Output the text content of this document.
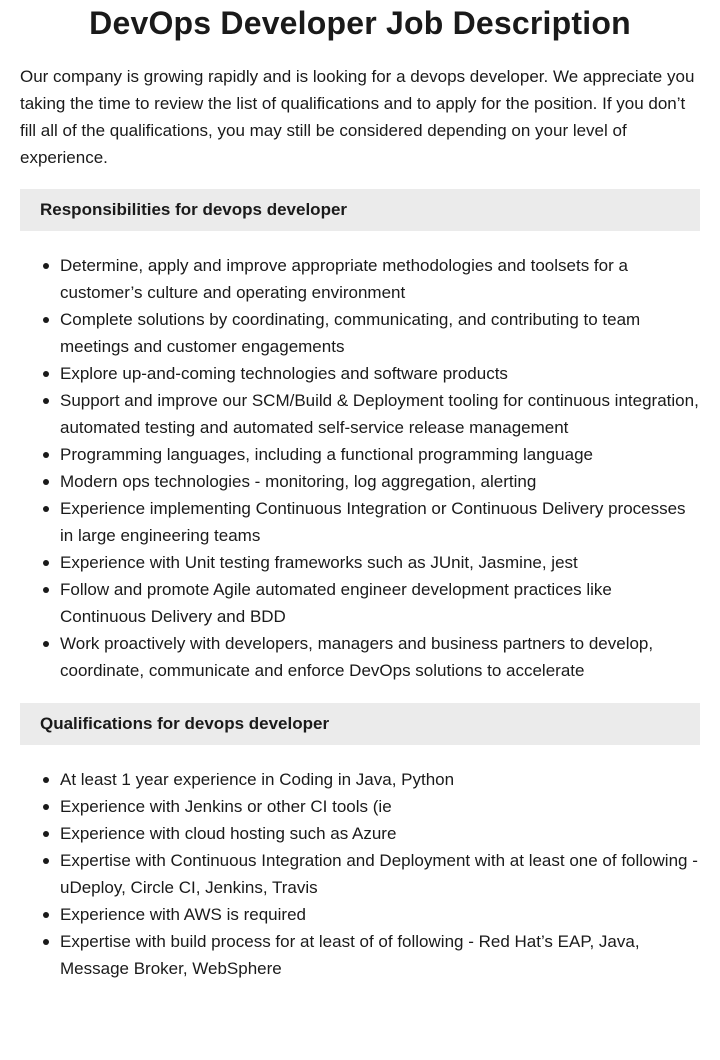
DevOps Developer Job Description

Our company is growing rapidly and is looking for a devops developer. We appreciate you taking the time to review the list of qualifications and to apply for the position. If you don’t fill all of the qualifications, you may still be considered depending on your level of experience.

Responsibilities for devops developer
Determine, apply and improve appropriate methodologies and toolsets for a customer’s culture and operating environment
Complete solutions by coordinating, communicating, and contributing to team meetings and customer engagements
Explore up-and-coming technologies and software products
Support and improve our SCM/Build & Deployment tooling for continuous integration, automated testing and automated self-service release management
Programming languages, including a functional programming language
Modern ops technologies - monitoring, log aggregation, alerting
Experience implementing Continuous Integration or Continuous Delivery processes in large engineering teams
Experience with Unit testing frameworks such as JUnit, Jasmine, jest
Follow and promote Agile automated engineer development practices like Continuous Delivery and BDD
Work proactively with developers, managers and business partners to develop, coordinate, communicate and enforce DevOps solutions to accelerate
Qualifications for devops developer
At least 1 year experience in Coding in Java, Python
Experience with Jenkins or other CI tools (ie
Experience with cloud hosting such as Azure
Expertise with Continuous Integration and Deployment with at least one of following - uDeploy, Circle CI, Jenkins, Travis
Experience with AWS is required
Expertise with build process for at least of of following - Red Hat’s EAP, Java, Message Broker, WebSphere
